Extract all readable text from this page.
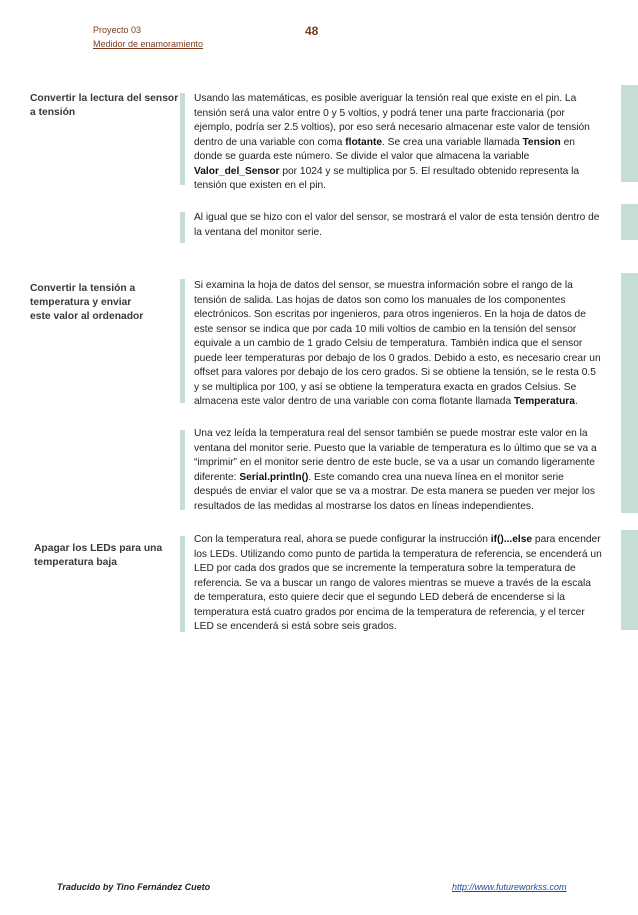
Proyecto 03
Medidor de enamoramiento
48
Convertir la lectura del sensor
a tensión
Usando las matemáticas, es posible averiguar la tensión real que existe en el pin. La tensión será una valor entre 0 y 5 voltios, y podrá tener una parte fraccionaria (por ejemplo, podría ser 2.5 voltios), por eso será necesario almacenar este valor de tensión dentro de una variable con coma flotante. Se crea una variable llamada Tension en donde se guarda este número. Se divide el valor que almacena la variable Valor_del_Sensor por 1024 y se multiplica por 5. El resultado obtenido representa la tensión que existen en el pin.
Al igual que se hizo con el valor del sensor, se mostrará el valor de esta tensión dentro de la ventana del monitor serie.
Convertir la tensión a
temperatura y enviar
este valor al ordenador
Si examina la hoja de datos del sensor, se muestra información sobre el rango de la tensión de salida. Las hojas de datos son como los manuales de los componentes electrónicos. Son escritas por ingenieros, para otros ingenieros. En la hoja de datos de este sensor se indica que por cada 10 mili voltios de cambio en la tensión del sensor equivale a un cambio de 1 grado Celsiu de temperatura. También indica que el sensor puede leer temperaturas por debajo de los 0 grados. Debido a esto, es necesario crear un offset para valores por debajo de los cero grados. Si se obtiene la tensión, se le resta 0.5 y se multiplica por 100, y así se obtiene la temperatura exacta en grados Celsius. Se almacena este valor dentro de una variable con coma flotante llamada Temperatura.
Una vez leída la temperatura real del sensor también se puede mostrar este valor en la ventana del monitor serie. Puesto que la variable de temperatura es lo último que se va a “imprimir” en el monitor serie dentro de este bucle, se va a usar un comando ligeramente diferente: Serial.println(). Este comando crea una nueva línea en el monitor serie después de enviar el valor que se va a mostrar. De esta manera se pueden ver mejor los resultados de las medidas al mostrarse los datos en líneas independientes.
Apagar los LEDs para una
temperatura baja
Con la temperatura real, ahora se puede configurar la instrucción if()...else para encender los LEDs. Utilizando como punto de partida la temperatura de referencia, se encenderá un LED por cada dos grados que se incremente la temperatura sobre la temperatura de referencia. Se va a buscar un rango de valores mientras se mueve a través de la escala de temperatura, esto quiere decir que el segundo LED deberá de encenderse si la temperatura está cuatro grados por encima de la temperatura de referencia, y el tercer LED se encenderá si está sobre seis grados.
Traducido by Tino Fernández Cueto	http://www.futureworkss.com
